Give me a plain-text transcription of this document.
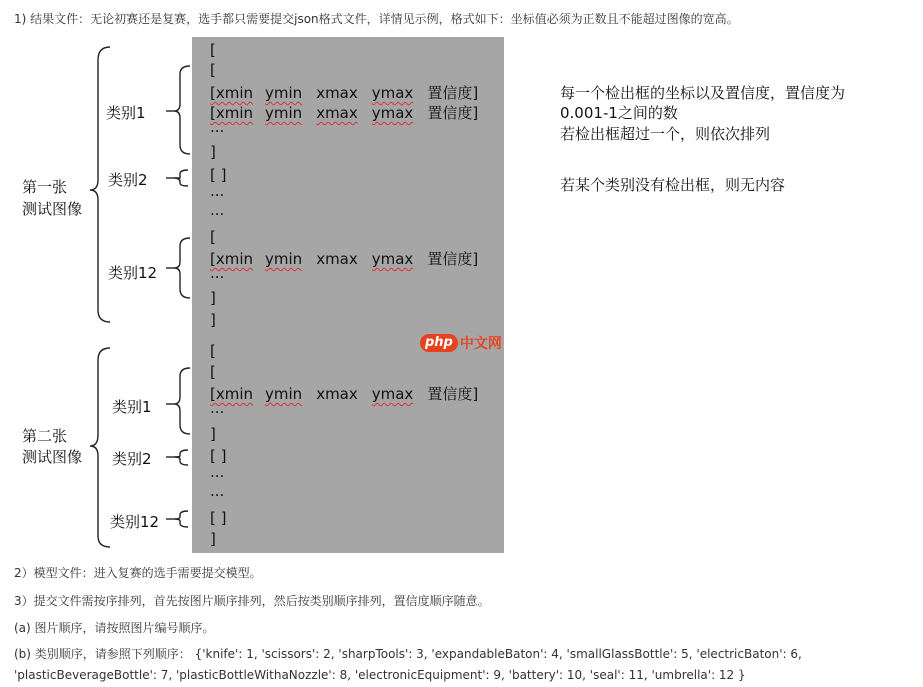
1) 结果文件：无论初赛还是复赛，选手都只需要提交json格式文件，详情见示例，格式如下：坐标值必须为正数且不能超过图像的宽高。
第一张
测试图像
第二张
测试图像
类别1
类别2
类别12
类别1
类别2
类别12
[
[
[xmin ymin xmax ymax 置信度]
[xmin ymin xmax ymax 置信度]
...
]
[ ]
...
...
[
[xmin ymin xmax ymax 置信度]
...
]
]
[
[
[xmin ymin xmax ymax 置信度]
...
]
[ ]
...
...
[ ]
]
php 中文网
每一个检出框的坐标以及置信度，置信度为
0.001-1之间的数
若检出框超过一个，则依次排列
若某个类别没有检出框，则无内容
2）模型文件：进入复赛的选手需要提交模型。
3）提交文件需按序排列，首先按图片顺序排列，然后按类别顺序排列，置信度顺序随意。
(a) 图片顺序，请按照图片编号顺序。
(b) 类别顺序，请参照下列顺序： {'knife': 1, 'scissors': 2, 'sharpTools': 3, 'expandableBaton': 4, 'smallGlassBottle': 5, 'electricBaton': 6,
'plasticBeverageBottle': 7, 'plasticBottleWithaNozzle': 8, 'electronicEquipment': 9, 'battery': 10, 'seal': 11, 'umbrella': 12 }
